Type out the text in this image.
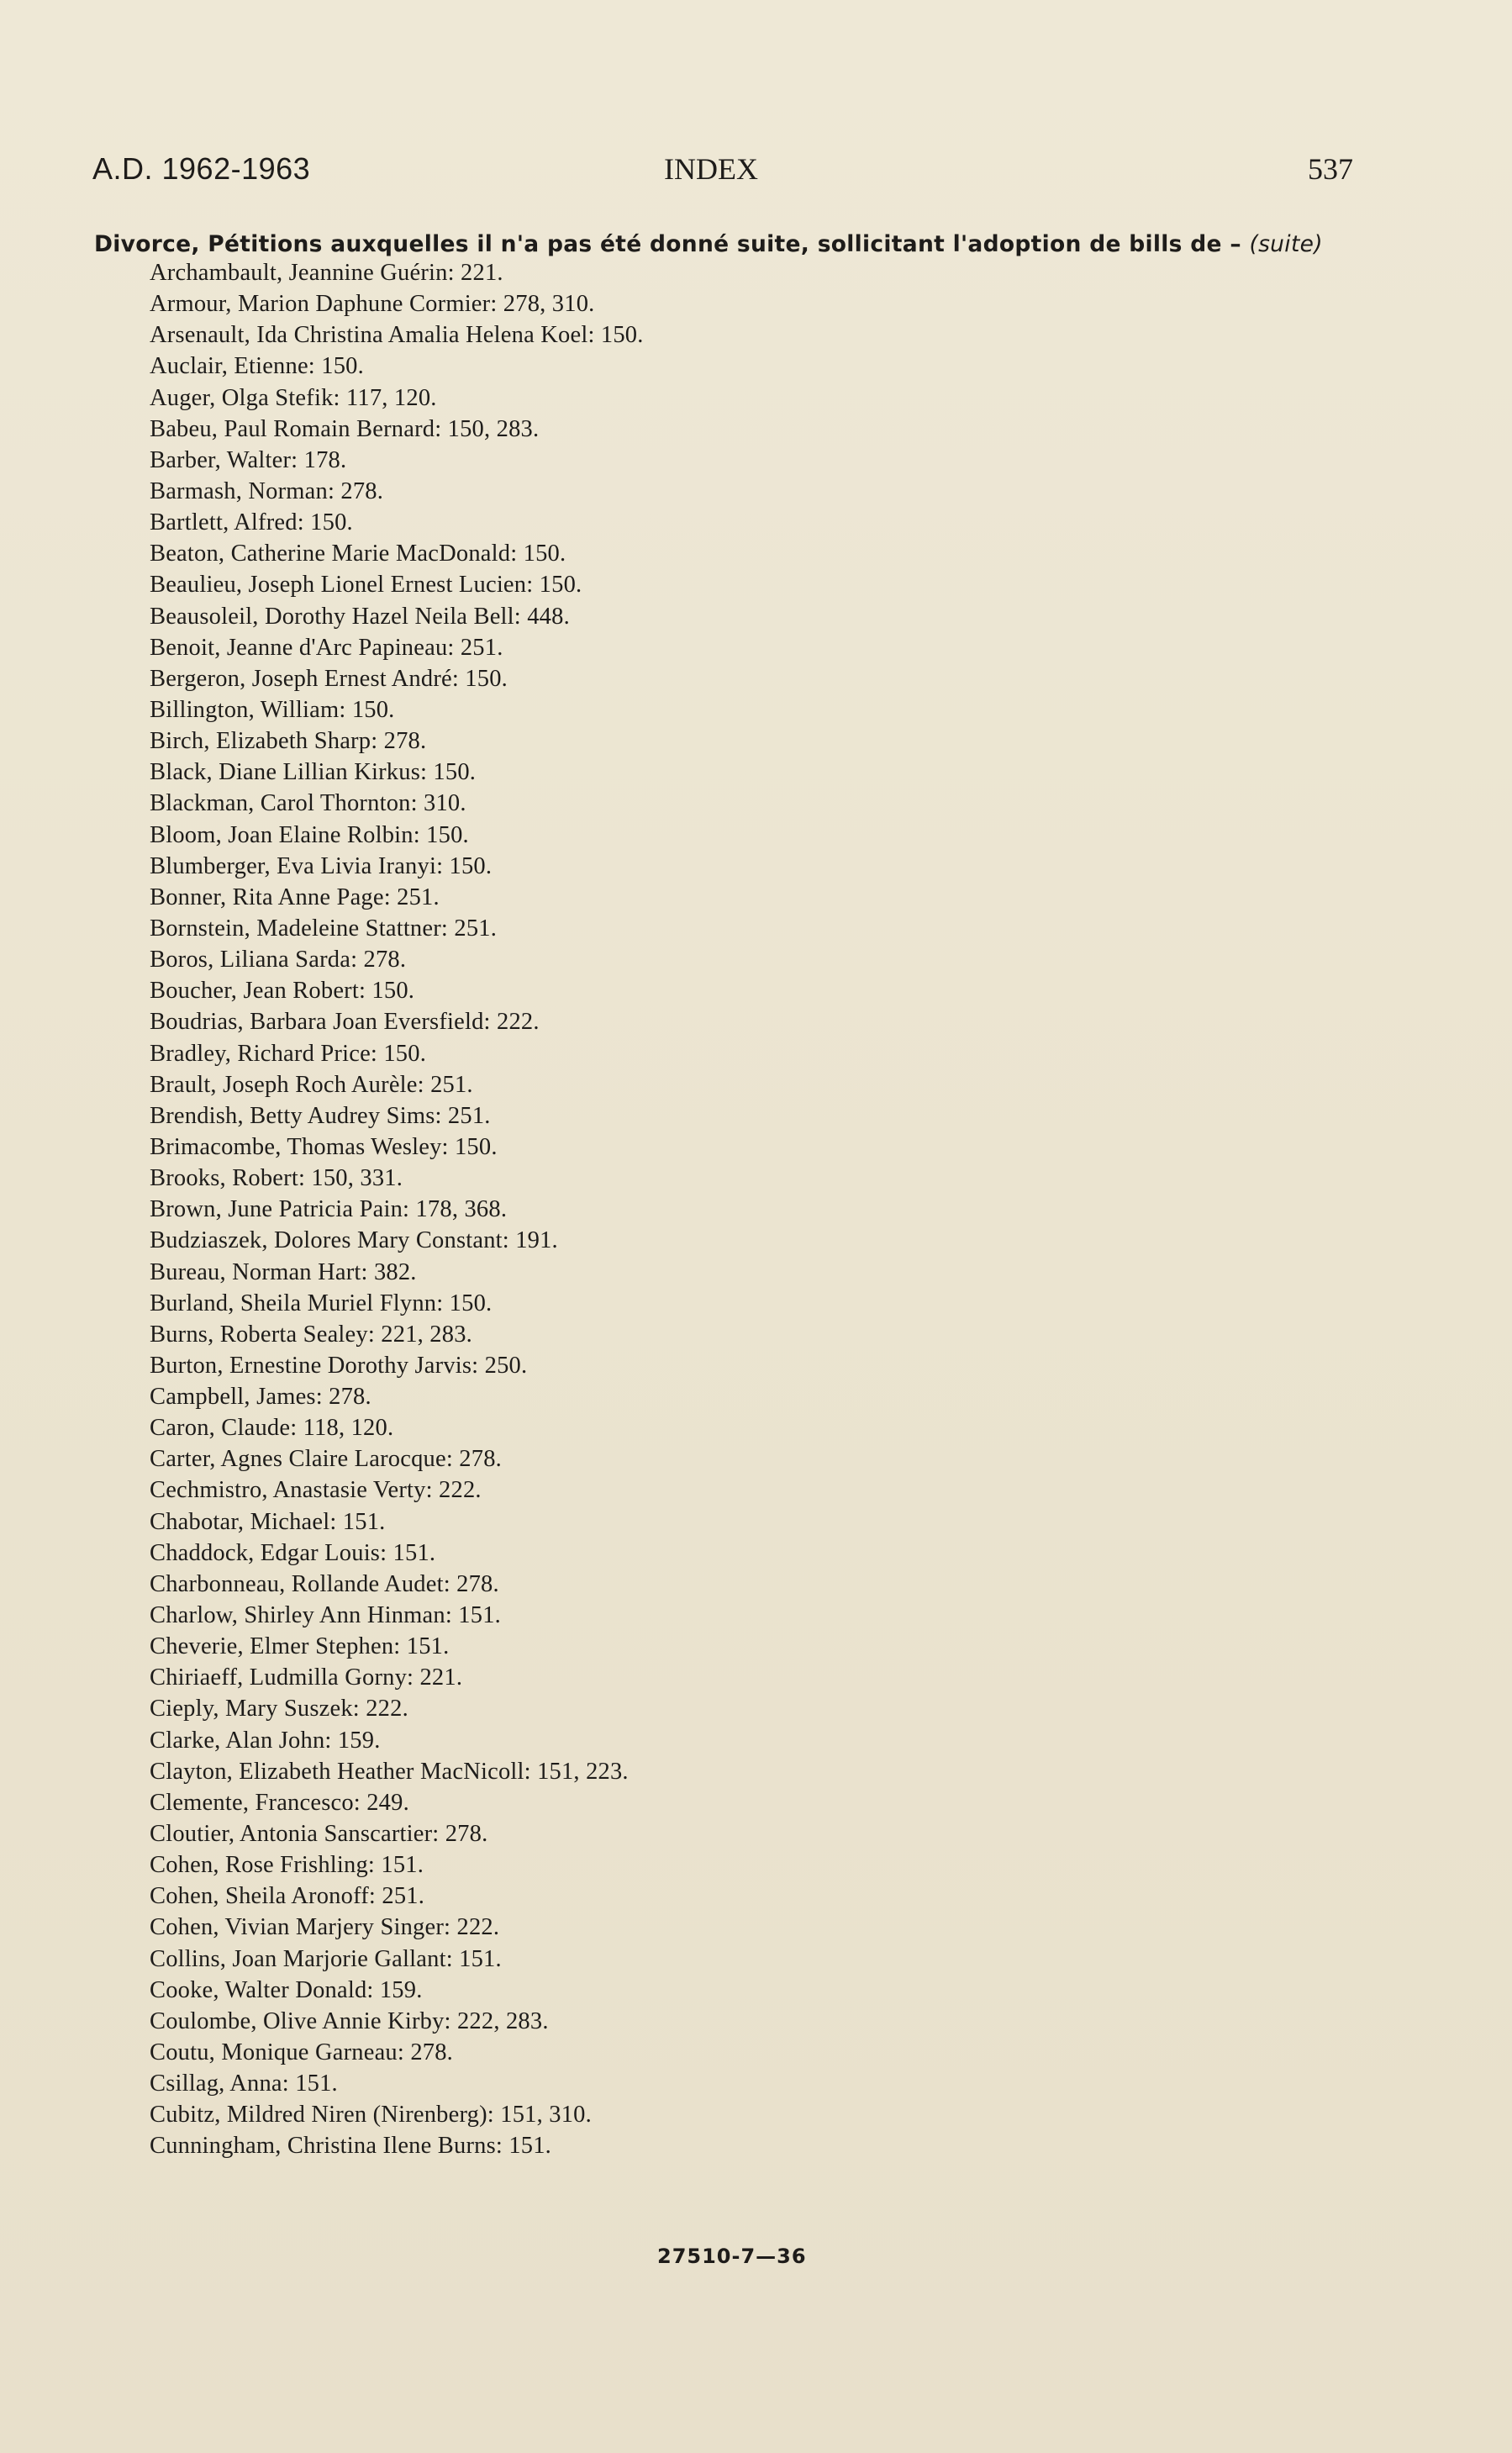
A.D. 1962-1963	INDEX	537
Divorce, Pétitions auxquelles il n'a pas été donné suite, sollicitant l'adoption de bills de – (suite)
Archambault, Jeannine Guérin: 221.
Armour, Marion Daphune Cormier: 278, 310.
Arsenault, Ida Christina Amalia Helena Koel: 150.
Auclair, Etienne: 150.
Auger, Olga Stefik: 117, 120.
Babeu, Paul Romain Bernard: 150, 283.
Barber, Walter: 178.
Barmash, Norman: 278.
Bartlett, Alfred: 150.
Beaton, Catherine Marie MacDonald: 150.
Beaulieu, Joseph Lionel Ernest Lucien: 150.
Beausoleil, Dorothy Hazel Neila Bell: 448.
Benoit, Jeanne d'Arc Papineau: 251.
Bergeron, Joseph Ernest André: 150.
Billington, William: 150.
Birch, Elizabeth Sharp: 278.
Black, Diane Lillian Kirkus: 150.
Blackman, Carol Thornton: 310.
Bloom, Joan Elaine Rolbin: 150.
Blumberger, Eva Livia Iranyi: 150.
Bonner, Rita Anne Page: 251.
Bornstein, Madeleine Stattner: 251.
Boros, Liliana Sarda: 278.
Boucher, Jean Robert: 150.
Boudrias, Barbara Joan Eversfield: 222.
Bradley, Richard Price: 150.
Brault, Joseph Roch Aurèle: 251.
Brendish, Betty Audrey Sims: 251.
Brimacombe, Thomas Wesley: 150.
Brooks, Robert: 150, 331.
Brown, June Patricia Pain: 178, 368.
Budziaszek, Dolores Mary Constant: 191.
Bureau, Norman Hart: 382.
Burland, Sheila Muriel Flynn: 150.
Burns, Roberta Sealey: 221, 283.
Burton, Ernestine Dorothy Jarvis: 250.
Campbell, James: 278.
Caron, Claude: 118, 120.
Carter, Agnes Claire Larocque: 278.
Cechmistro, Anastasie Verty: 222.
Chabotar, Michael: 151.
Chaddock, Edgar Louis: 151.
Charbonneau, Rollande Audet: 278.
Charlow, Shirley Ann Hinman: 151.
Cheverie, Elmer Stephen: 151.
Chiriaeff, Ludmilla Gorny: 221.
Cieply, Mary Suszek: 222.
Clarke, Alan John: 159.
Clayton, Elizabeth Heather MacNicoll: 151, 223.
Clemente, Francesco: 249.
Cloutier, Antonia Sanscartier: 278.
Cohen, Rose Frishling: 151.
Cohen, Sheila Aronoff: 251.
Cohen, Vivian Marjery Singer: 222.
Collins, Joan Marjorie Gallant: 151.
Cooke, Walter Donald: 159.
Coulombe, Olive Annie Kirby: 222, 283.
Coutu, Monique Garneau: 278.
Csillag, Anna: 151.
Cubitz, Mildred Niren (Nirenberg): 151, 310.
Cunningham, Christina Ilene Burns: 151.
27510-7—36
